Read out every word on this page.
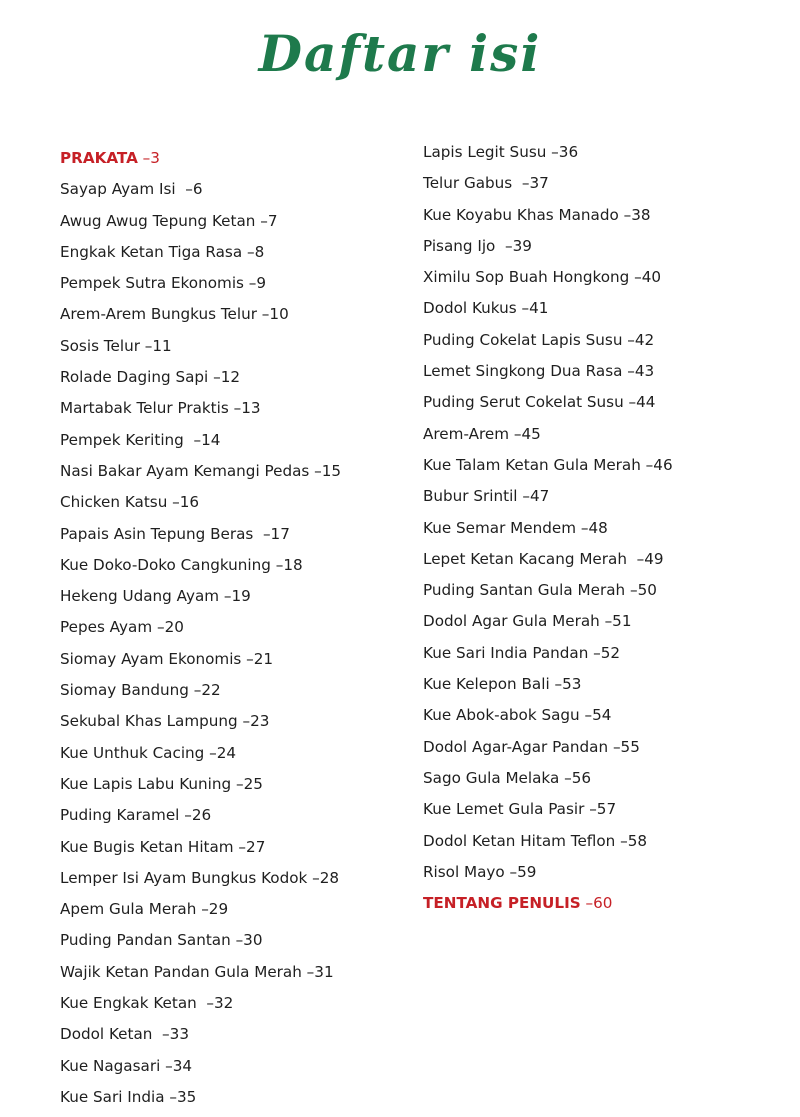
Daftar isi
PRAKATA –3
Sayap Ayam Isi  –6
Awug Awug Tepung Ketan –7
Engkak Ketan Tiga Rasa –8
Pempek Sutra Ekonomis –9
Arem-Arem Bungkus Telur –10
Sosis Telur –11
Rolade Daging Sapi –12
Martabak Telur Praktis –13
Pempek Keriting  –14
Nasi Bakar Ayam Kemangi Pedas –15
Chicken Katsu –16
Papais Asin Tepung Beras  –17
Kue Doko-Doko Cangkuning –18
Hekeng Udang Ayam –19
Pepes Ayam –20
Siomay Ayam Ekonomis –21
Siomay Bandung –22
Sekubal Khas Lampung –23
Kue Unthuk Cacing –24
Kue Lapis Labu Kuning –25
Puding Karamel –26
Kue Bugis Ketan Hitam –27
Lemper Isi Ayam Bungkus Kodok –28
Apem Gula Merah –29
Puding Pandan Santan –30
Wajik Ketan Pandan Gula Merah –31
Kue Engkak Ketan  –32
Dodol Ketan  –33
Kue Nagasari –34
Kue Sari India –35
Lapis Legit Susu –36
Telur Gabus  –37
Kue Koyabu Khas Manado –38
Pisang Ijo  –39
Ximilu Sop Buah Hongkong –40
Dodol Kukus –41
Puding Cokelat Lapis Susu –42
Lemet Singkong Dua Rasa –43
Puding Serut Cokelat Susu –44
Arem-Arem –45
Kue Talam Ketan Gula Merah –46
Bubur Srintil –47
Kue Semar Mendem –48
Lepet Ketan Kacang Merah  –49
Puding Santan Gula Merah –50
Dodol Agar Gula Merah –51
Kue Sari India Pandan –52
Kue Kelepon Bali –53
Kue Abok-abok Sagu –54
Dodol Agar-Agar Pandan –55
Sago Gula Melaka –56
Kue Lemet Gula Pasir –57
Dodol Ketan Hitam Teflon –58
Risol Mayo –59
TENTANG PENULIS –60
